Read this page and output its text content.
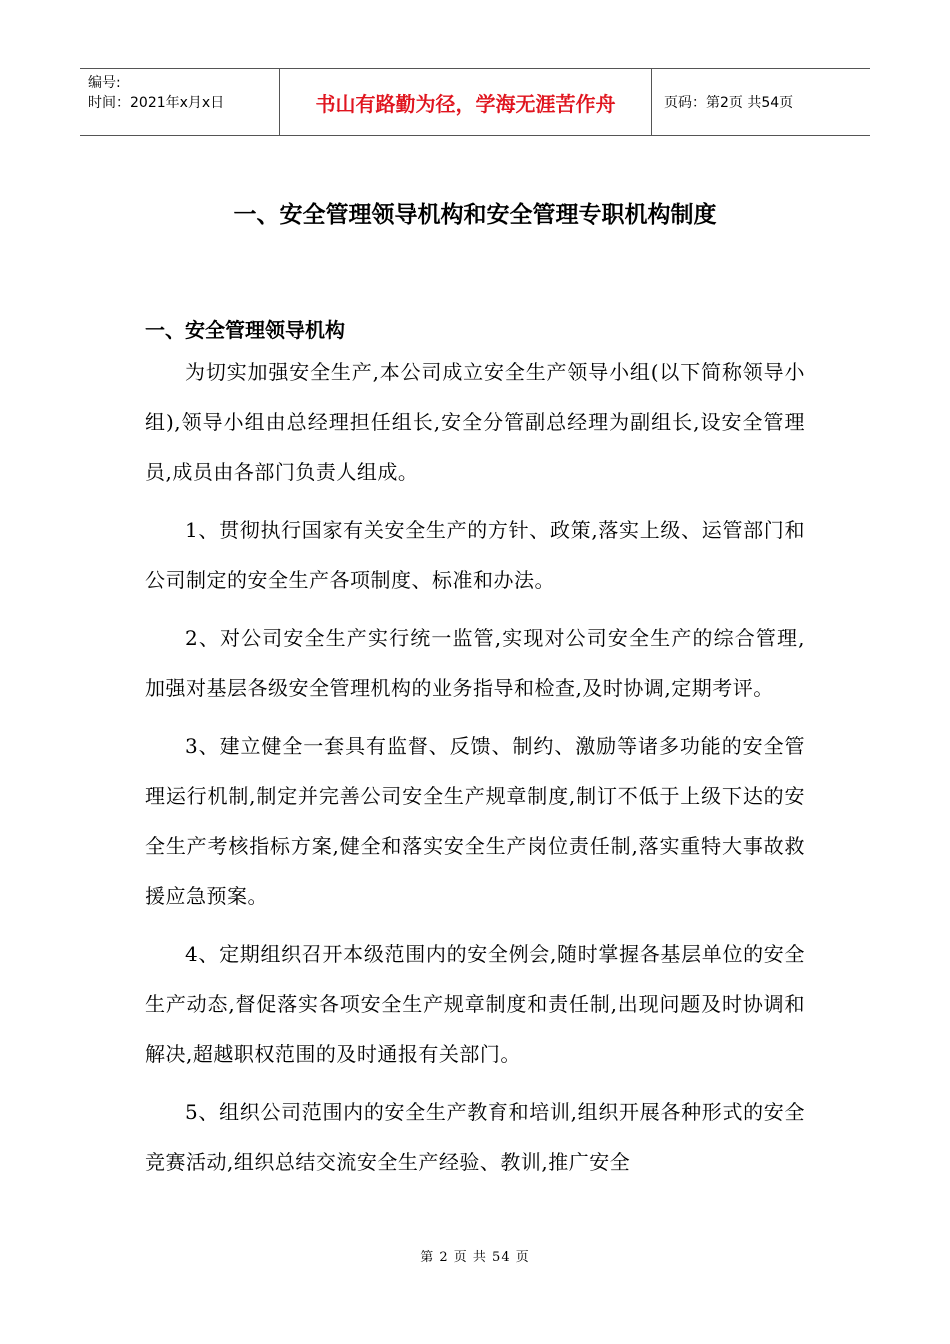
编号:
时间：2021年x月x日	书山有路勤为径，学海无涯苦作舟	页码：第2页 共54页
一、安全管理领导机构和安全管理专职机构制度

一、安全管理领导机构

为切实加强安全生产,本公司成立安全生产领导小组(以下简称领导小组),领导小组由总经理担任组长,安全分管副总经理为副组长,设安全管理员,成员由各部门负责人组成。

1、贯彻执行国家有关安全生产的方针、政策,落实上级、运管部门和公司制定的安全生产各项制度、标准和办法。

2、对公司安全生产实行统一监管,实现对公司安全生产的综合管理,加强对基层各级安全管理机构的业务指导和检查,及时协调,定期考评。

3、建立健全一套具有监督、反馈、制约、激励等诸多功能的安全管理运行机制,制定并完善公司安全生产规章制度,制订不低于上级下达的安全生产考核指标方案,健全和落实安全生产岗位责任制,落实重特大事故救援应急预案。

4、定期组织召开本级范围内的安全例会,随时掌握各基层单位的安全生产动态,督促落实各项安全生产规章制度和责任制,出现问题及时协调和解决,超越职权范围的及时通报有关部门。

5、组织公司范围内的安全生产教育和培训,组织开展各种形式的安全竞赛活动,组织总结交流安全生产经验、教训,推广安全

第 2 页 共 54 页
